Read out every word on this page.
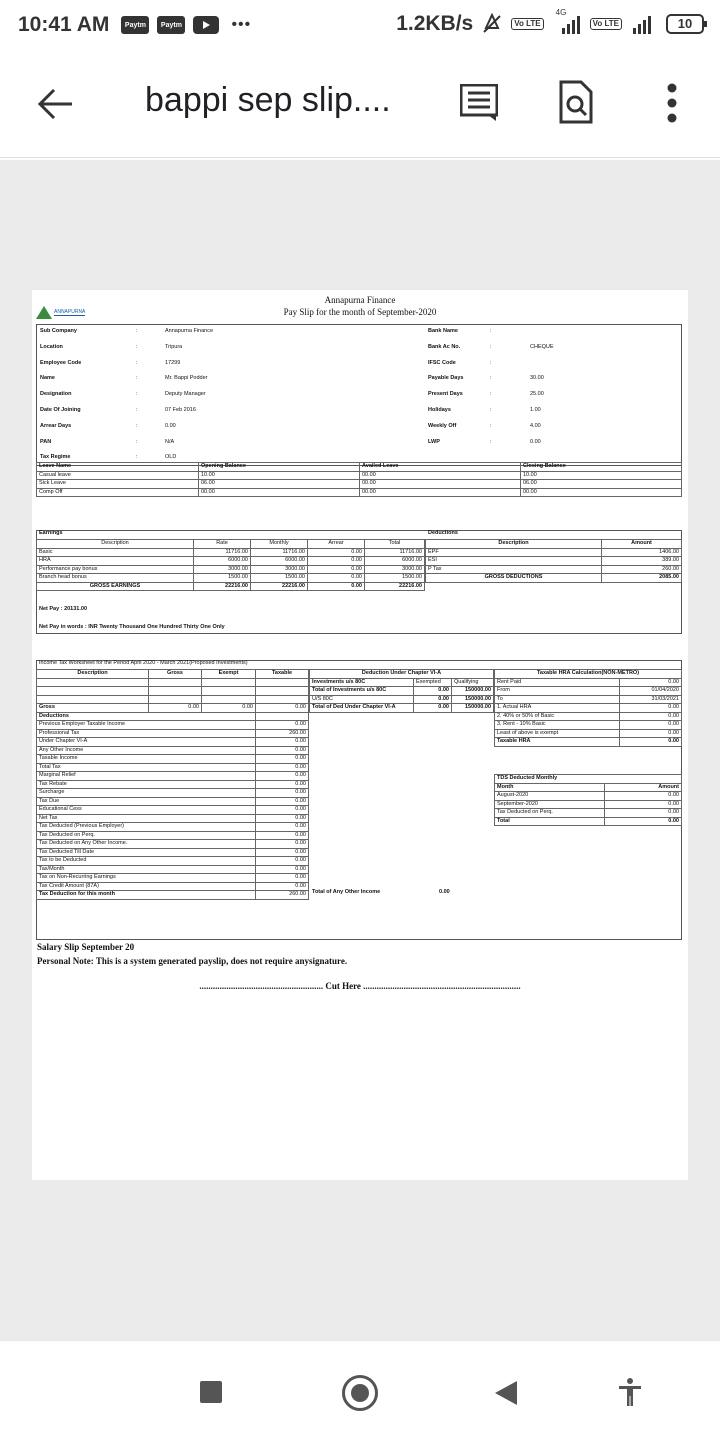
10:41 AM	Paytm	Paytm	•••	1.2KB/s	Vo LTE
4G
Vo LTE	10
bappi sep slip....
ANNAPURNA
Annapurna Finance
Pay Slip for the month of September-2020
Sub Company	:	Annapurna Finance
Location	:	Tripura
Employee Code	:	17299
Name	:	Mr. Bappi Podder
Designation	:	Deputy Manager
Date Of Joining	:	07 Feb 2016
Arrear Days	:	0.00
PAN	:	N/A
Tax Regime	:	OLD
Bank Name	:
Bank Ac No.	:	CHEQUE
IFSC Code	:
Payable Days	:	30.00
Present Days	:	25.00
Holidays	:	1.00
Weekly Off	:	4.00
LWP	:	0.00
Leave Name	Opening Balance	Availed Leave	Closing Balance
Casual leave	10.00	00.00	10.00
Sick Leave	06.00	00.00	06.00
Comp Off	00.00	00.00	00.00
Earnings	Deductions
Description	Rate	Monthly	Arrear	Total
Basic	11716.00	11716.00	0.00	11716.00
HRA	6000.00	6000.00	0.00	6000.00
Performance pay bonus	3000.00	3000.00	0.00	3000.00
Branch head bonus	1500.00	1500.00	0.00	1500.00
GROSS EARNINGS	22216.00	22216.00	0.00	22216.00
Description	Amount
EPF	1406.00
ESI	389.00
P Tax	260.00
GROSS DEDUCTIONS	2085.00
Net Pay : 20131.00
Net Pay in words : INR Twenty Thousand One Hundred Thirty One Only
Income Tax Worksheet for the Period April 2020 - March 2021(Proposed Investments)
Description	Gross	Exempt	Taxable

Gross	0.00	0.00	0.00
Deductions			
Previous Employer Taxable Income			0.00
Professional Tax			260.00
Under Chapter VI-A			0.00
Any Other Income			0.00
Taxable Income			0.00
Total Tax			0.00
Marginal Relief			0.00
Tax Rebate			0.00
Surcharge			0.00
Tax Due			0.00
Educational Cess			0.00
Net Tax			0.00
Tax Deducted (Previous Employer)			0.00
Tax Deducted on Perq.			0.00
Tax Deducted on Any Other Income.			0.00
Tax Deducted Till Date			0.00
Tax to be Deducted			0.00
Tax/Month			0.00
Tax on Non-Recurring Earnings			0.00
Tax Credit Amount (87A)			0.00
Tax Deduction for this month			260.00
Deduction Under Chapter VI-A		
Investments u/s 80C	Exempted	Qualifying
Total of Investments u/s 80C	0.00	150000.00
U/S 80C	0.00	150000.00
Total of Ded Under Chapter VI-A	0.00	150000.00
Taxable HRA Calculation(NON-METRO)	
Rent Paid	0.00
From	01/04/2020
To	31/03/2021
1. Actual HRA	0.00
2. 40% or 50% of Basic	0.00
3. Rent - 10% Basic	0.00
Least of above is exempt	0.00
Taxable HRA	0.00
TDS Deducted Monthly	
Month	Amount
August-2020	0.00
September-2020	0.00
Tax Deducted on Perq.	0.00
Total	0.00
Total of Any Other Income	0.00
Salary Slip September 20
Personal Note: This is a system generated payslip, does not require anysignature.
....................................................... Cut Here ......................................................................
